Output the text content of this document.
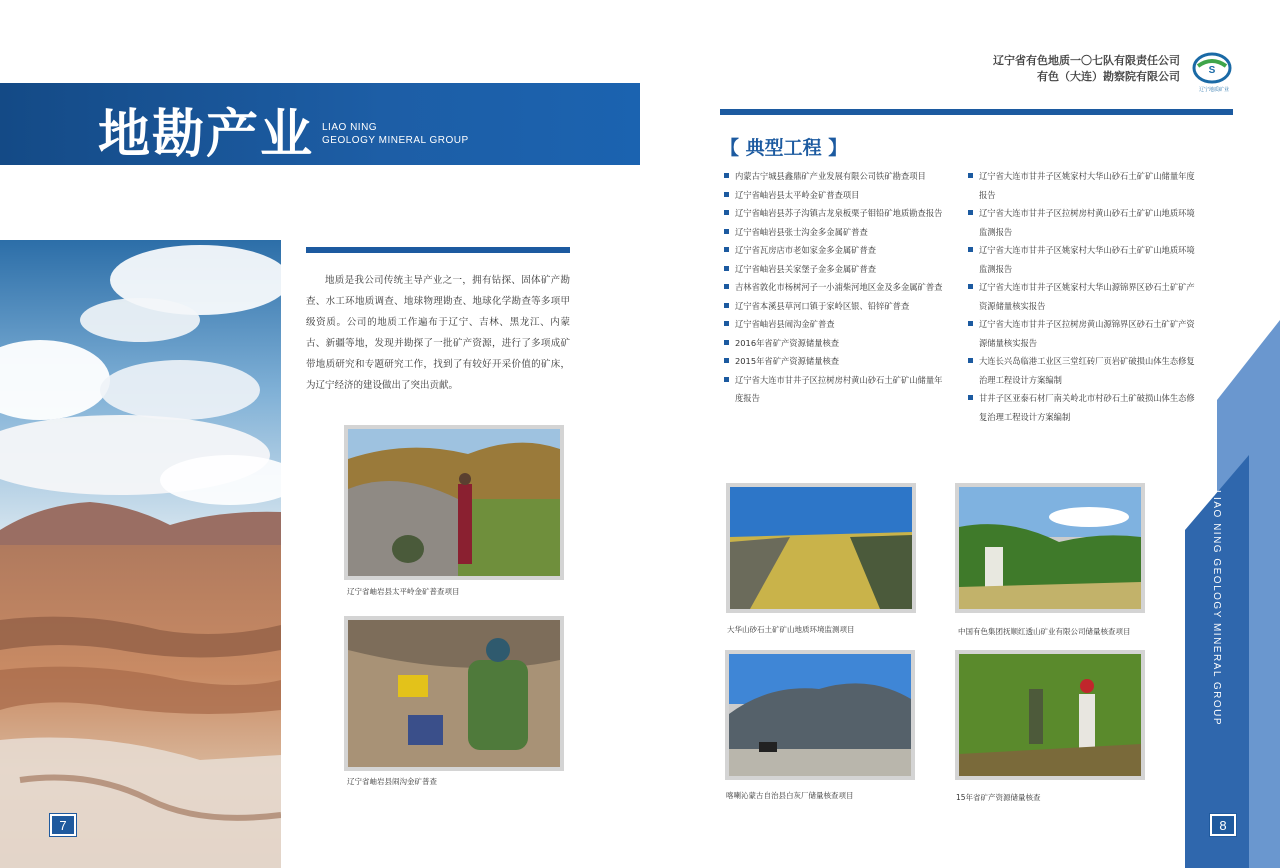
地勘产业 LIAO NING
GEOLOGY MINERAL GROUP
7
地质是我公司传统主导产业之一，拥有钻探、固体矿产勘查、水工环地质调查、地球物理勘查、地球化学勘查等多项甲级资质。公司的地质工作遍布于辽宁、吉林、黑龙江、内蒙古、新疆等地，发现并勘探了一批矿产资源，进行了多项成矿带地质研究和专题研究工作，找到了有较好开采价值的矿床，为辽宁经济的建设做出了突出贡献。
辽宁省岫岩县太平岭金矿普查项目
辽宁省岫岩县闹沟金矿普查
辽宁省有色地质一〇七队有限责任公司
有色（大连）勘察院有限公司	S
辽宁地质矿业
【 典型工程 】
内蒙古宁城县鑫鼎矿产业发展有限公司铁矿勘查项目
辽宁省岫岩县太平岭金矿普查项目
辽宁省岫岩县苏子沟镇古龙泉板栗子钼铅矿地质勘查报告
辽宁省岫岩县张士沟金多金属矿普查
辽宁省瓦房店市老如家金多金属矿普查
辽宁省岫岩县关家堡子金多金属矿普查
吉林省敦化市杨树河子一小浦柴河地区金及多金属矿普查
辽宁省本溪县草河口镇于家岭区银、铅锌矿普查
辽宁省岫岩县闹沟金矿普查
2016年省矿产资源储量核查
2015年省矿产资源储量核查
辽宁省大连市甘井子区拉树房村黄山砂石土矿矿山储量年度报告
辽宁省大连市甘井子区姚家村大华山砂石土矿矿山储量年度报告
辽宁省大连市甘井子区拉树房村黄山砂石土矿矿山地质环境监测报告
辽宁省大连市甘井子区姚家村大华山砂石土矿矿山地质环境监测报告
辽宁省大连市甘井子区姚家村大华山源锦界区砂石土矿矿产资源储量核实报告
辽宁省大连市甘井子区拉树房黄山源锦界区砂石土矿矿产资源储量核实报告
大连长兴岛临港工业区三堂红砖厂页岩矿破损山体生态修复治理工程设计方案编制
甘井子区亚泰石材厂南关岭北市村砂石土矿破损山体生态修复治理工程设计方案编制
LIAO NING GEOLOGY MINERAL GROUP
8
大华山砂石土矿矿山地质环境监测项目	中国有色集团抚顺红透山矿业有限公司储量核查项目
喀喇沁蒙古自治县白灰厂储量核查项目	15年省矿产资源储量核查
